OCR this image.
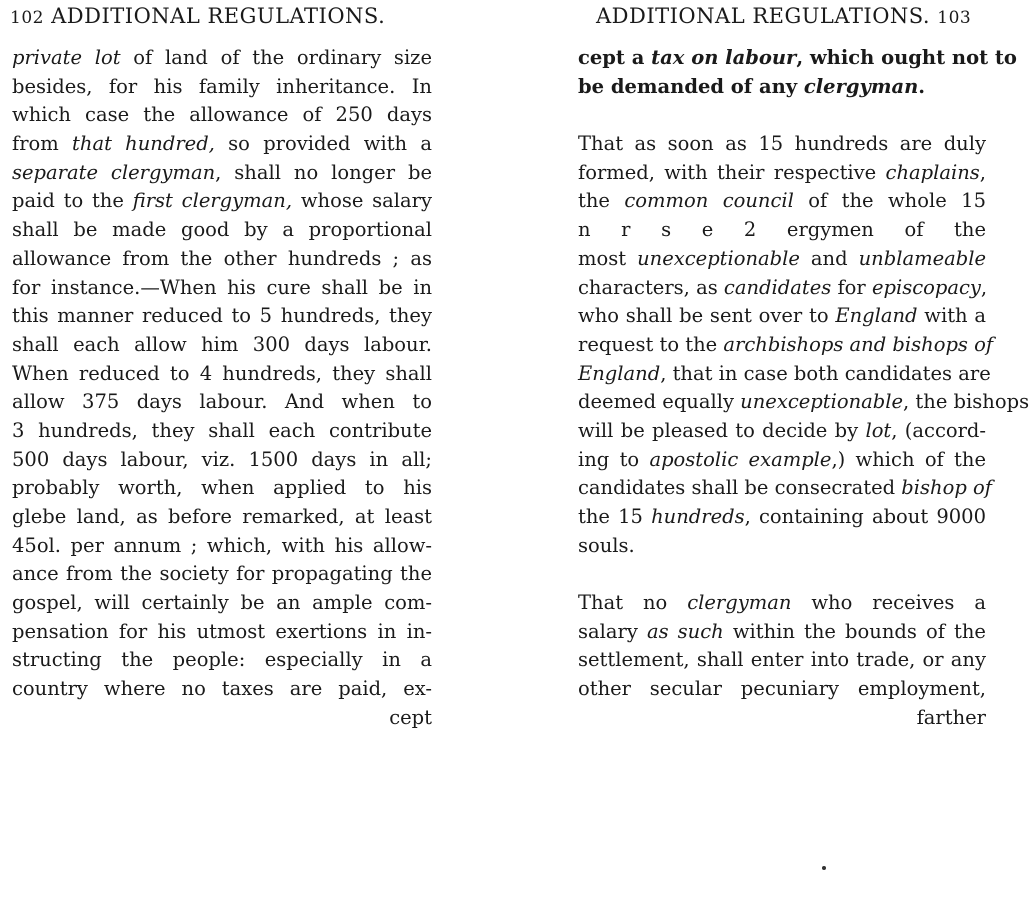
102 ADDITIONAL REGULATIONS.
private lot of land of the ordinary size
besides, for his family inheritance. In
which case the allowance of 250 days
from that hundred, so provided with a
separate clergyman, shall no longer be
paid to the first clergyman, whose salary
shall be made good by a proportional
allowance from the other hundreds ; as
for instance.—When his cure shall be in
this manner reduced to 5 hundreds, they
shall each allow him 300 days labour.
When reduced to 4 hundreds, they shall
allow 375 days labour. And when to
3 hundreds, they shall each contribute
500 days labour, viz. 1500 days in all;
probably worth, when applied to his
glebe land, as before remarked, at least
45ol. per annum ; which, with his allow-
ance from the society for propagating the
gospel, will certainly be an ample com-
pensation for his utmost exertions in in-
structing the people: especially in a
country where no taxes are paid, ex-
cept
ADDITIONAL REGULATIONS. 103
cept a tax on labour, which ought not to
be demanded of any clergyman.
That as soon as 15 hundreds are duly
formed, with their respective chaplains,
the common council of the whole 15
n r s e 2 ergymen of the
most unexceptionable and unblameable
characters, as candidates for episcopacy,
who shall be sent over to England with a
request to the archbishops and bishops of
England, that in case both candidates are
deemed equally unexceptionable, the bishops
will be pleased to decide by lot, (accord-
ing to apostolic example,) which of the
candidates shall be consecrated bishop of
the 15 hundreds, containing about 9000
souls.
That no clergyman who receives a
salary as such within the bounds of the
settlement, shall enter into trade, or any
other secular pecuniary employment,
farther
